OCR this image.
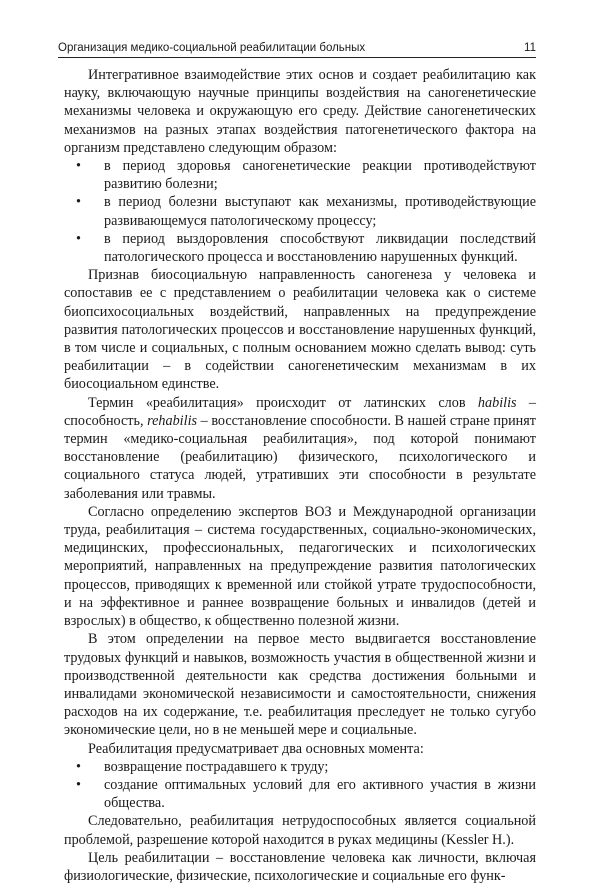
Организация медико-социальной реабилитации больных	11

Интегративное взаимодействие этих основ и создает реабилитацию как науку, включающую научные принципы воздействия на саногенетические механизмы человека и окружающую его среду. Действие саногенетических механизмов на разных этапах воздействия патогенетического фактора на организм представлено следующим образом:

• в период здоровья саногенетические реакции противодействуют развитию болезни;
• в период болезни выступают как механизмы, противодействующие развивающемуся патологическому процессу;
• в период выздоровления способствуют ликвидации последствий патологического процесса и восстановлению нарушенных функций.

Признав биосоциальную направленность саногенеза у человека и сопоставив ее с представлением о реабилитации человека как о системе биопсихосоциальных воздействий, направленных на предупреждение развития патологических процессов и восстановление нарушенных функций, в том числе и социальных, с полным основанием можно сделать вывод: суть реабилитации – в содействии саногенетическим механизмам в их биосоциальном единстве.

Термин «реабилитация» происходит от латинских слов habilis – способность, rehabilis – восстановление способности. В нашей стране принят термин «медико-социальная реабилитация», под которой понимают восстановление (реабилитацию) физического, психологического и социального статуса людей, утративших эти способности в результате заболевания или травмы.

Согласно определению экспертов ВОЗ и Международной организации труда, реабилитация – система государственных, социально-экономических, медицинских, профессиональных, педагогических и психологических мероприятий, направленных на предупреждение развития патологических процессов, приводящих к временной или стойкой утрате трудоспособности, и на эффективное и раннее возвращение больных и инвалидов (детей и взрослых) в общество, к общественно полезной жизни.

В этом определении на первое место выдвигается восстановление трудовых функций и навыков, возможность участия в общественной жизни и производственной деятельности как средства достижения больными и инвалидами экономической независимости и самостоятельности, снижения расходов на их содержание, т.е. реабилитация преследует не только сугубо экономические цели, но в не меньшей мере и социальные.

Реабилитация предусматривает два основных момента:

• возвращение пострадавшего к труду;
• создание оптимальных условий для его активного участия в жизни общества.

Следовательно, реабилитация нетрудоспособных является социальной проблемой, разрешение которой находится в руках медицины (Kessler H.).

Цель реабилитации – восстановление человека как личности, включая физиологические, физические, психологические и социальные его функ-
